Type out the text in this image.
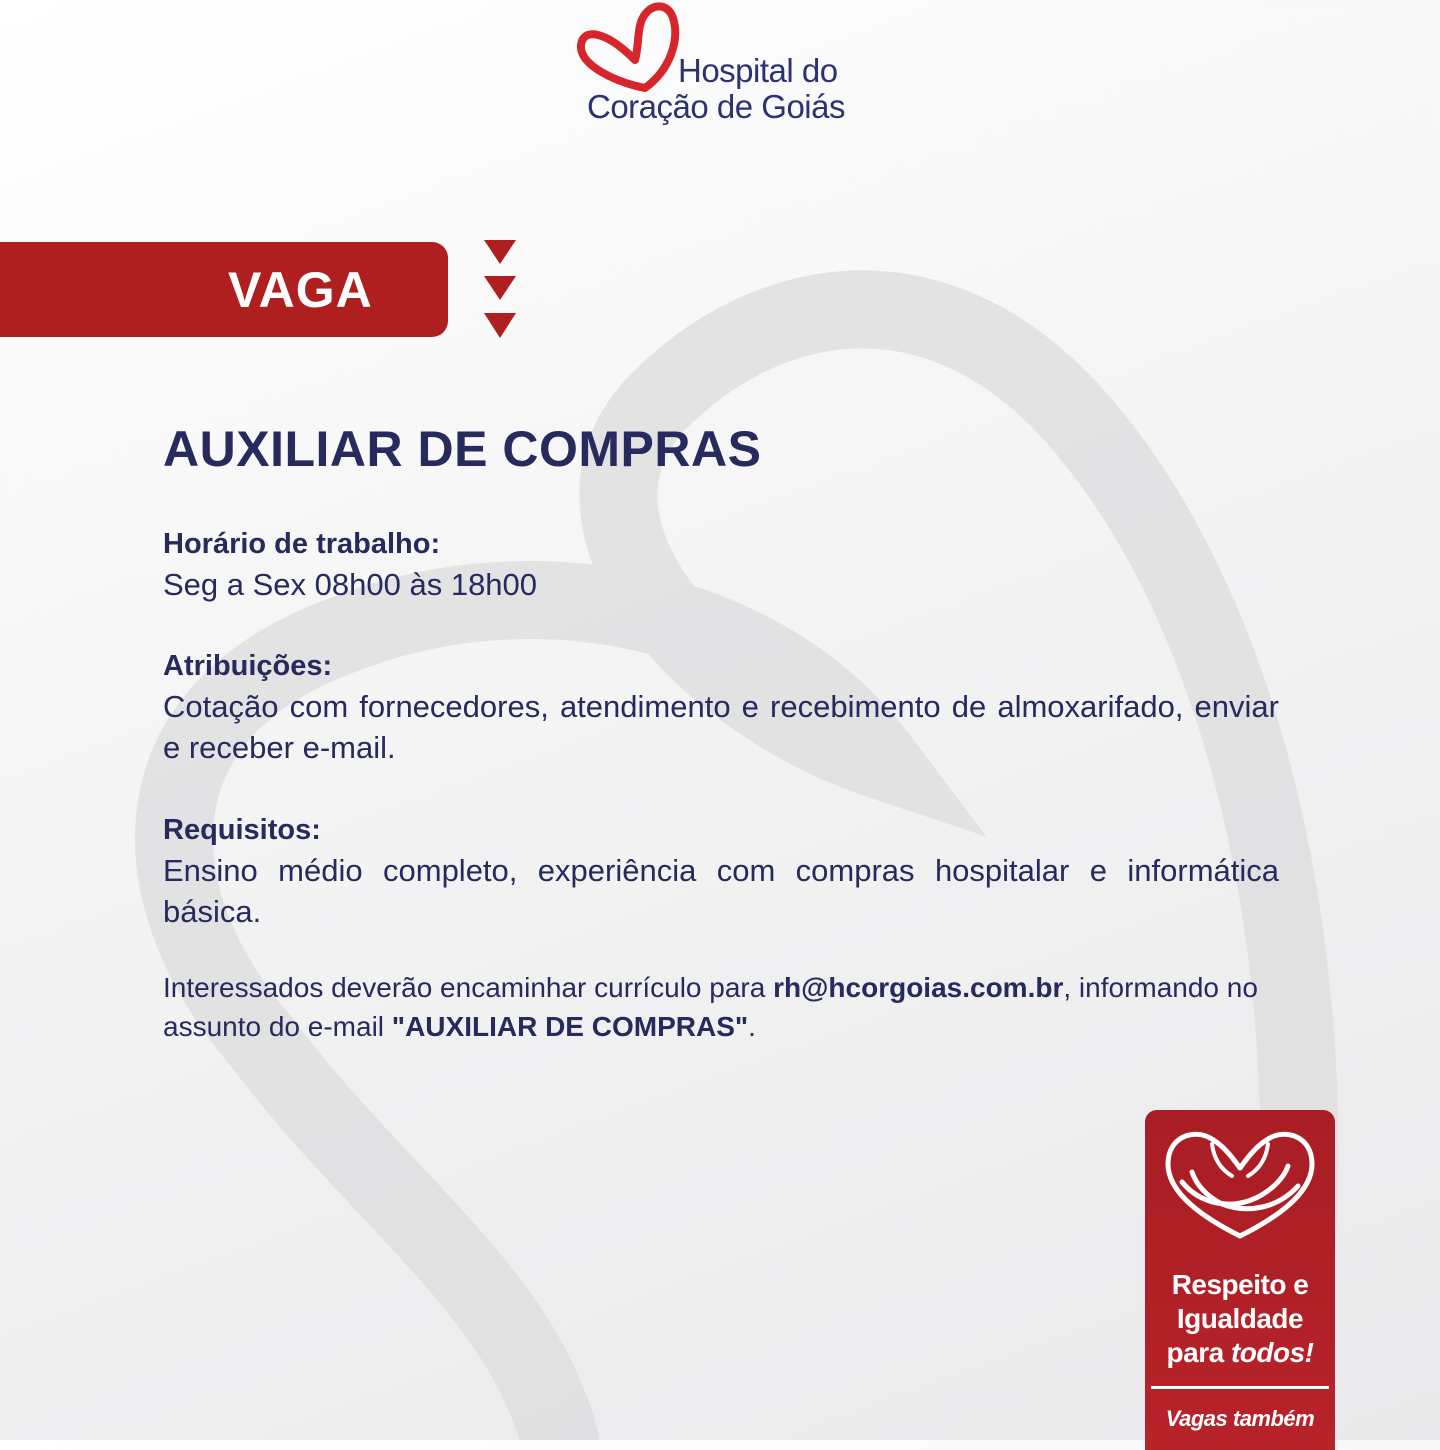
Hospital do
Coração de Goiás
VAGA
AUXILIAR DE COMPRAS
Horário de trabalho:
Seg a Sex 08h00 às 18h00
Atribuições:
Cotação com fornecedores, atendimento e recebimento de almoxarifado, enviar e receber e-mail.
Requisitos:
Ensino médio completo, experiência com compras hospitalar e informática básica.
Interessados deverão encaminhar currículo para rh@hcorgoias.com.br, informando no assunto do e-mail "AUXILIAR DE COMPRAS".
Respeito e
Igualdade
para todos!
Vagas também
